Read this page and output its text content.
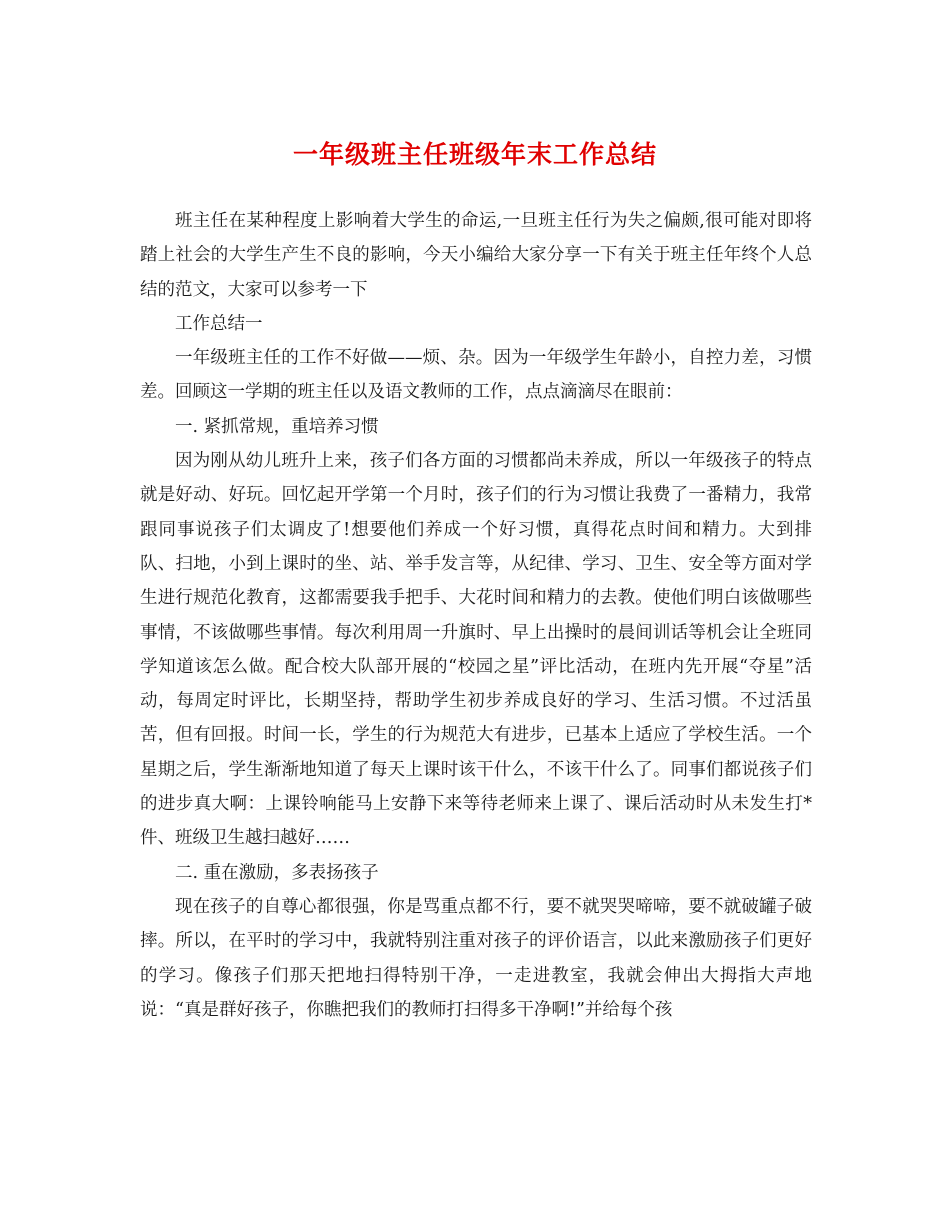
一年级班主任班级年末工作总结

班主任在某种程度上影响着大学生的命运,一旦班主任行为失之偏颇,很可能对即将踏上社会的大学生产生不良的影响，今天小编给大家分享一下有关于班主任年终个人总结的范文，大家可以参考一下

工作总结一

一年级班主任的工作不好做——烦、杂。因为一年级学生年龄小，自控力差，习惯差。回顾这一学期的班主任以及语文教师的工作，点点滴滴尽在眼前：

一. 紧抓常规，重培养习惯

因为刚从幼儿班升上来，孩子们各方面的习惯都尚未养成，所以一年级孩子的特点就是好动、好玩。回忆起开学第一个月时，孩子们的行为习惯让我费了一番精力，我常跟同事说孩子们太调皮了!想要他们养成一个好习惯，真得花点时间和精力。大到排队、扫地，小到上课时的坐、站、举手发言等，从纪律、学习、卫生、安全等方面对学生进行规范化教育，这都需要我手把手、大花时间和精力的去教。使他们明白该做哪些事情，不该做哪些事情。每次利用周一升旗时、早上出操时的晨间训话等机会让全班同学知道该怎么做。配合校大队部开展的“校园之星”评比活动，在班内先开展“夺星”活动，每周定时评比，长期坚持，帮助学生初步养成良好的学习、生活习惯。不过活虽苦，但有回报。时间一长，学生的行为规范大有进步，已基本上适应了学校生活。一个星期之后，学生渐渐地知道了每天上课时该干什么，不该干什么了。同事们都说孩子们的进步真大啊：上课铃响能马上安静下来等待老师来上课了、课后活动时从未发生打*件、班级卫生越扫越好……

二. 重在激励，多表扬孩子

现在孩子的自尊心都很强，你是骂重点都不行，要不就哭哭啼啼，要不就破罐子破摔。所以，在平时的学习中，我就特别注重对孩子的评价语言，以此来激励孩子们更好的学习。像孩子们那天把地扫得特别干净，一走进教室，我就会伸出大拇指大声地说：“真是群好孩子，你瞧把我们的教师打扫得多干净啊!”并给每个孩
